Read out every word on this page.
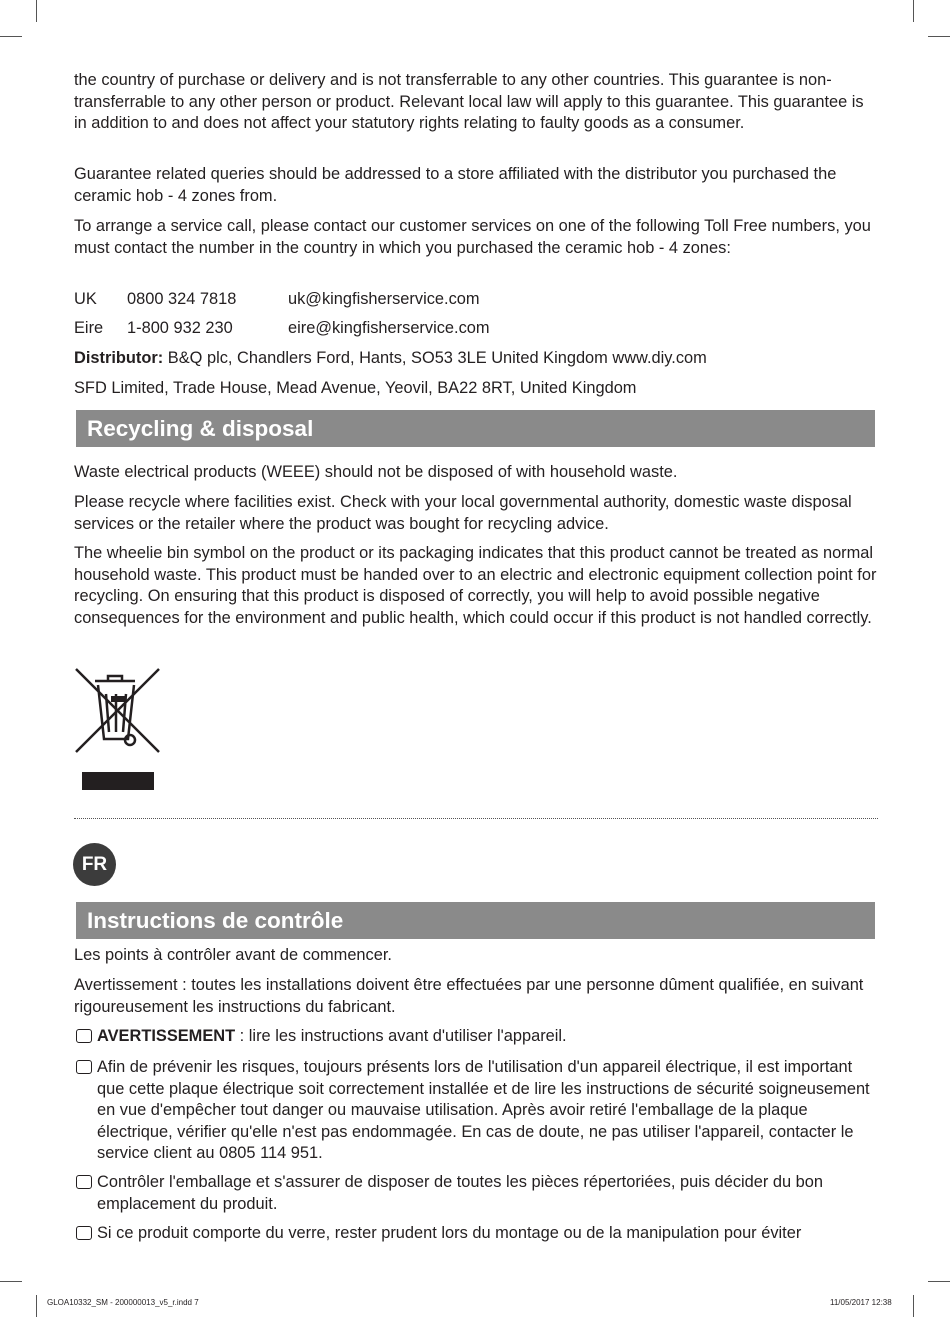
the country of purchase or delivery and is not transferrable to any other countries. This guarantee is non-transferrable to any other person or product. Relevant local law will apply to this guarantee. This guarantee is in addition to and does not affect your statutory rights relating to faulty goods as a consumer.

Guarantee related queries should be addressed to a store affiliated with the distributor you purchased the ceramic hob - 4 zones from.

To arrange a service call, please contact our customer services on one of the following Toll Free numbers, you must contact the number in the country in which you purchased the ceramic hob - 4 zones:

UK 0800 324 7818	uk@kingfisherservice.com
Eire 1-800 932 230	eire@kingfisherservice.com

Distributor: B&Q plc, Chandlers Ford, Hants, SO53 3LE United Kingdom www.diy.com

SFD Limited, Trade House, Mead Avenue, Yeovil, BA22 8RT, United Kingdom

Recycling & disposal

Waste electrical products (WEEE) should not be disposed of with household waste.

Please recycle where facilities exist. Check with your local governmental authority, domestic waste disposal services or the retailer where the product was bought for recycling advice.

The wheelie bin symbol on the product or its packaging indicates that this product cannot be treated as normal household waste. This product must be handed over to an electric and electronic equipment collection point for recycling. On ensuring that this product is disposed of correctly, you will help to avoid possible negative consequences for the environment and public health, which could occur if this product is not handled correctly.

FR
Instructions de contrôle

Les points à contrôler avant de commencer.

Avertissement : toutes les installations doivent être effectuées par une personne dûment qualifiée, en suivant rigoureusement les instructions du fabricant.

AVERTISSEMENT : lire les instructions avant d'utiliser l'appareil.
Afin de prévenir les risques, toujours présents lors de l'utilisation d'un appareil électrique, il est important que cette plaque électrique soit correctement installée et de lire les instructions de sécurité soigneusement en vue d'empêcher tout danger ou mauvaise utilisation. Après avoir retiré l'emballage de la plaque électrique, vérifier qu'elle n'est pas endommagée. En cas de doute, ne pas utiliser l'appareil, contacter le service client au 0805 114 951.
Contrôler l'emballage et s'assurer de disposer de toutes les pièces répertoriées, puis décider du bon emplacement du produit.
Si ce produit comporte du verre, rester prudent lors du montage ou de la manipulation pour éviter
GLOA10332_SM - 200000013_v5_r.indd 7	11/05/2017 12:38
